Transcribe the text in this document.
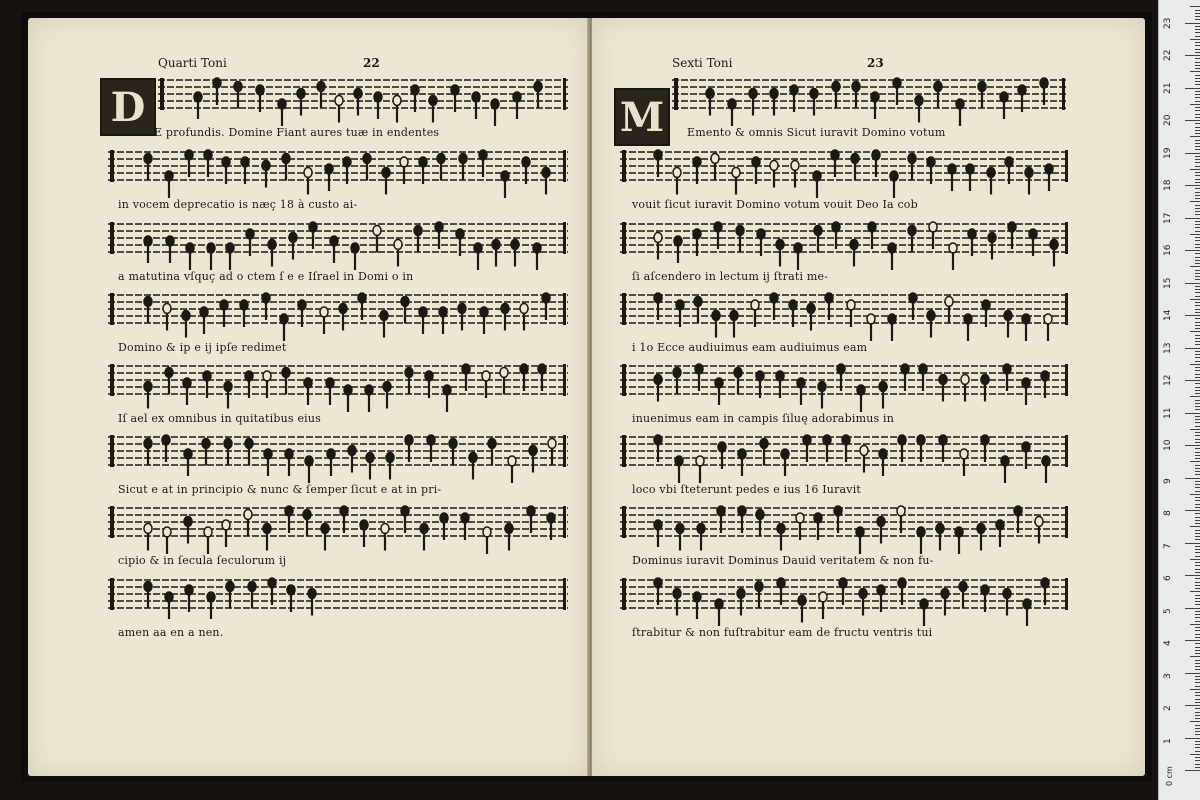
Quarti Toni	22
D
E profundis. Domine Fiant aures tuæ in endentes
in vocem deprecatio is næç 18 à custo ai-
a matutina vſquç ad o ctem ſ e e Iſrael in Domi o in
Domino & ip e ij ipſe redimet
Iſ ael ex omnibus in quitatibus eius
Sicut e at in principio & nunc & ſemper ſicut e at in pri-
cipio & in ſecula ſeculorum ij
amen aa en a nen.
Sexti Toni	23
M	Emento & omnis Sicut iuravit Domino votum
vouit ſicut iuravit Domino votum vouit Deo Ia cob
ſi aſcendero in lectum ij ſtrati me-
i 1o Ecce audiuimus eam audiuimus eam
inuenimus eam in campis ſiluę adorabimus in
loco vbi ſteterunt pedes e ius 16 Iuravit
Dominus iuravit Dominus Dauid veritatem & non fu-
ſtrabitur & non fuſtrabitur eam de fructu ventris tui
0 cm
1
2
3
4
5
6
7
8
9
10
11
12
13
14
15
16
17
18
19
20
21
22
23
